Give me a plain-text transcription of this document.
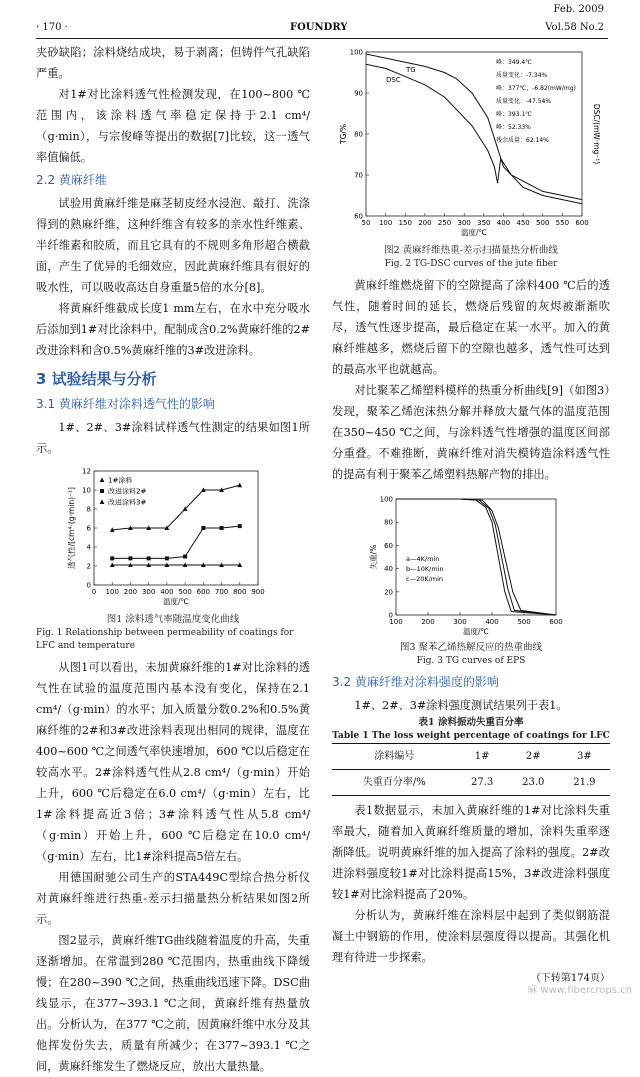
Feb. 2009
· 170 ·	FOUNDRY	Vol.58 No.2

夹砂缺陷；涂料烧结成块，易于剥离；但铸件气孔缺陷严重。

对1#对比涂料透气性检测发现，在100~800 ℃范围内，该涂料透气率稳定保持于2.1 cm⁴/（g·min），与宗俊峰等提出的数据[7]比较，这一透气率值偏低。

2.2 黄麻纤维

试验用黄麻纤维是麻茎韧皮经水浸泡、敲打、洗涤得到的熟麻纤维，这种纤维含有较多的亲水性纤维素、半纤维素和胶质，而且它具有的不规则多角形超合横截面，产生了优异的毛细效应，因此黄麻纤维具有很好的吸水性，可以吸收高达自身重量5倍的水分[8]。

将黄麻纤维截成长度1 mm左右，在水中充分吸水后添加到1#对比涂料中，配制成含0.2%黄麻纤维的2#改进涂料和含0.5%黄麻纤维的3#改进涂料。

3 试验结果与分析
3.1 黄麻纤维对涂料透气性的影响

1#、2#、3#涂料试样透气性测定的结果如图1所示。

0 100 200 300 400 500 600 700 800 900
0
2
4
6
8
10
12
温度/℃
透气性/[cm⁴·(g·min)⁻¹]
1#涂料
改进涂料2#
改进涂料3#
图1 涂料透气率随温度变化曲线
Fig. 1 Relationship between permeability of coatings for LFC and temperature

从图1可以看出，未加黄麻纤维的1#对比涂料的透气性在试验的温度范围内基本没有变化，保持在2.1 cm⁴/（g·min）的水平；加入质量分数0.2%和0.5%黄麻纤维的2#和3#改进涂料表现出相同的规律，温度在400~600 ℃之间透气率快速增加，600 ℃以后稳定在较高水平。2#涂料透气性从2.8 cm⁴/（g·min）开始上升，600 ℃后稳定在6.0 cm⁴/（g·min）左右，比1#涂料提高近3倍；3#涂料透气性从5.8 cm⁴/（g·min）开始上升，600 ℃后稳定在10.0 cm⁴/（g·min）左右，比1#涂料提高5倍左右。

用德国耐驰公司生产的STA449C型综合热分析仪对黄麻纤维进行热重-差示扫描量热分析结果如图2所示。

图2显示，黄麻纤维TG曲线随着温度的升高，失重逐渐增加。在常温到280 ℃范围内，热重曲线下降缓慢；在280~390 ℃之间，热重曲线迅速下降。DSC曲线显示，在377~393.1 ℃之间，黄麻纤维有热量放出。分析认为，在377 ℃之前，因黄麻纤维中水分及其他挥发份失去，质量有所减少；在377~393.1 ℃之间，黄麻纤维发生了燃烧反应，放出大量热量。

50 100 150 200 250 300 350 400 450 500 550 600
60
70
80
90
100
温度/℃
TG/%	DSC/(mW·mg⁻¹)
峰：349.4℃
质量变化：-7.34%
峰：377℃，-6.82(mW/mg)
质量变化：-47.54%
峰：393.1℃
峰：52.33%
残余质量：62.14%
TG
DSC
图2 黄麻纤维热重-差示扫描量热分析曲线
Fig. 2 TG-DSC curves of the jute fiber

黄麻纤维燃烧留下的空隙提高了涂料400 ℃后的透气性，随着时间的延长，燃烧后残留的灰烬被渐渐吹尽，透气性逐步提高，最后稳定在某一水平。加入的黄麻纤维越多，燃烧后留下的空隙也越多，透气性可达到的最高水平也就越高。

对比聚苯乙烯塑料模样的热重分析曲线[9]（如图3）发现，聚苯乙烯泡沫热分解并释放大量气体的温度范围在350~450 ℃之间，与涂料透气性增强的温度区间部分重叠。不难推断，黄麻纤维对消失模铸造涂料透气性的提高有利于聚苯乙烯塑料热解产物的排出。

100	200	300	400	500	600
0
20
40
60
80
100
温度/℃
失重/%	a—4K/min
b—10K/min
c—20K/min
图3 聚苯乙烯热解反应的热重曲线
Fig. 3 TG curves of EPS
3.2 黄麻纤维对涂料强度的影响

1#、2#、3#涂料强度测试结果列于表1。

表1 涂料振动失重百分率
Table 1 The loss weight percentage of coatings for LFC
涂料编号	1#	2#	3#
失重百分率/%	27.3	23.0	21.9

表1数据显示，未加入黄麻纤维的1#对比涂料失重率最大，随着加入黄麻纤维质量的增加，涂料失重率逐渐降低。说明黄麻纤维的加入提高了涂料的强度。2#改进涂料强度较1#对比涂料提高15%，3#改进涂料强度较1#对比涂料提高了20%。

分析认为，黄麻纤维在涂料层中起到了类似钢筋混凝土中钢筋的作用，使涂料层强度得以提高。其强化机理有待进一步探索。

（下转第174页）
麻 www.fibercrops.cn
